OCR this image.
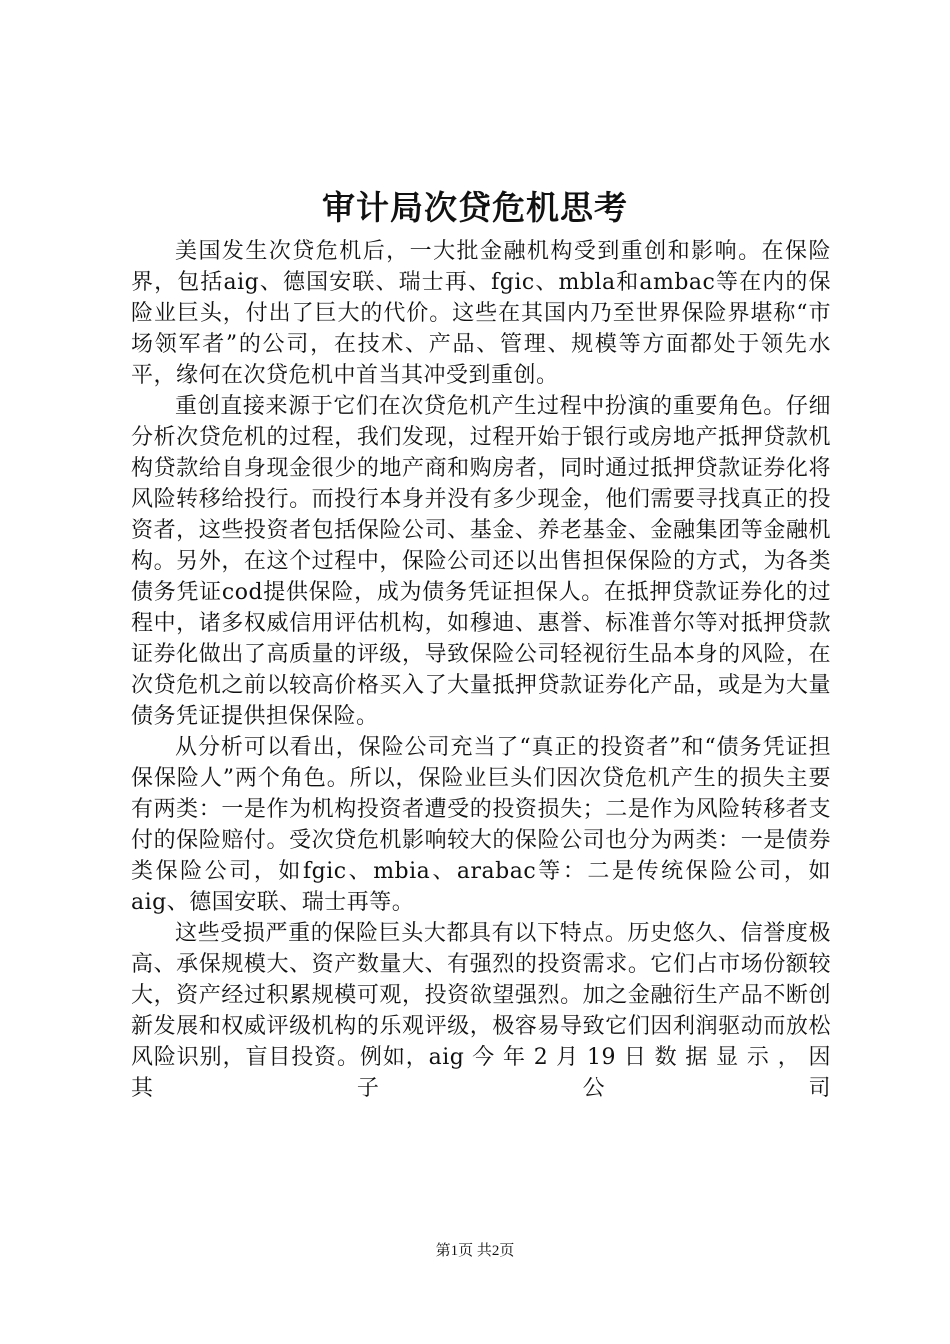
审计局次贷危机思考

美国发生次贷危机后，一大批金融机构受到重创和影响。在保险界，包括aig、德国安联、瑞士再、fgic、mbla和ambac等在内的保险业巨头，付出了巨大的代价。这些在其国内乃至世界保险界堪称“市场领军者”的公司，在技术、产品、管理、规模等方面都处于领先水平，缘何在次贷危机中首当其冲受到重创。

重创直接来源于它们在次贷危机产生过程中扮演的重要角色。仔细分析次贷危机的过程，我们发现，过程开始于银行或房地产抵押贷款机构贷款给自身现金很少的地产商和购房者，同时通过抵押贷款证券化将风险转移给投行。而投行本身并没有多少现金，他们需要寻找真正的投资者，这些投资者包括保险公司、基金、养老基金、金融集团等金融机构。另外，在这个过程中，保险公司还以出售担保保险的方式，为各类债务凭证cod提供保险，成为债务凭证担保人。在抵押贷款证券化的过程中，诸多权威信用评估机构，如穆迪、惠誉、标准普尔等对抵押贷款证券化做出了高质量的评级，导致保险公司轻视衍生品本身的风险，在次贷危机之前以较高价格买入了大量抵押贷款证券化产品，或是为大量债务凭证提供担保保险。

从分析可以看出，保险公司充当了“真正的投资者”和“债务凭证担保保险人”两个角色。所以，保险业巨头们因次贷危机产生的损失主要有两类：一是作为机构投资者遭受的投资损失；二是作为风险转移者支付的保险赔付。受次贷危机影响较大的保险公司也分为两类：一是债券类保险公司，如fgic、mbia、arabac等：二是传统保险公司，如aig、德国安联、瑞士再等。

这些受损严重的保险巨头大都具有以下特点。历史悠久、信誉度极高、承保规模大、资产数量大、有强烈的投资需求。它们占市场份额较大，资产经过积累规模可观，投资欲望强烈。加之金融衍生产品不断创新发展和权威评级机构的乐观评级，极容易导致它们因利润驱动而放松风险识别，盲目投资。例如，aig 今 年 2 月 19 日 数 据 显 示 ， 因 其 子 公 司

第1页 共2页
